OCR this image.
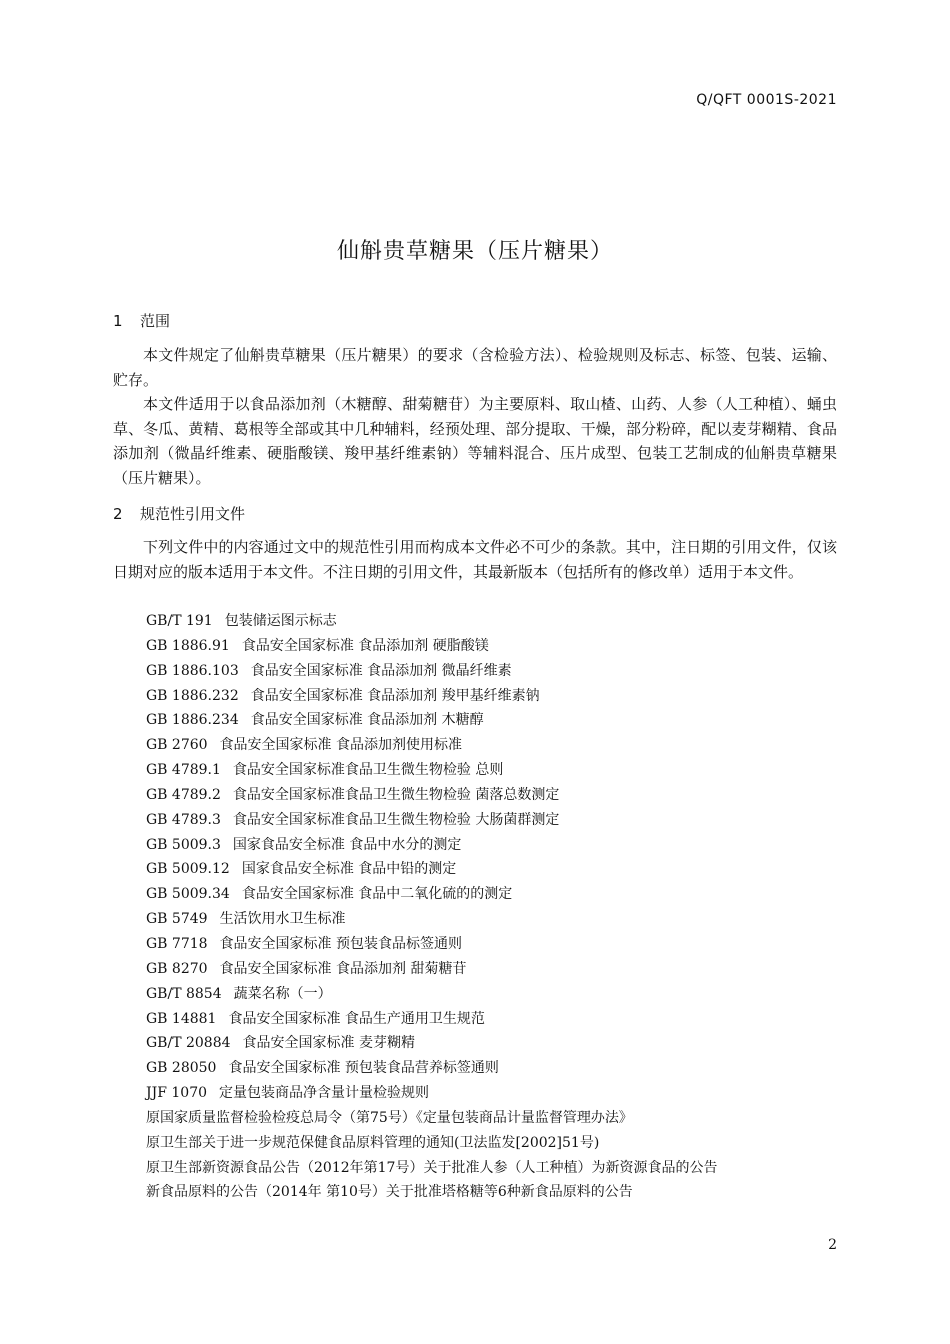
Q/QFT 0001S-2021
仙斛贵草糖果（压片糖果）
1 范围

本文件规定了仙斛贵草糖果（压片糖果）的要求（含检验方法）、检验规则及标志、标签、包装、运输、贮存。

本文件适用于以食品添加剂（木糖醇、甜菊糖苷）为主要原料、取山楂、山药、人参（人工种植）、蛹虫草、冬瓜、黄精、葛根等全部或其中几种辅料，经预处理、部分提取、干燥，部分粉碎，配以麦芽糊精、食品添加剂（微晶纤维素、硬脂酸镁、羧甲基纤维素钠）等辅料混合、压片成型、包装工艺制成的仙斛贵草糖果（压片糖果）。

2 规范性引用文件

下列文件中的内容通过文中的规范性引用而构成本文件必不可少的条款。其中，注日期的引用文件，仅该日期对应的版本适用于本文件。不注日期的引用文件，其最新版本（包括所有的修改单）适用于本文件。

GB/T 191 包装储运图示标志
GB 1886.91 食品安全国家标准 食品添加剂 硬脂酸镁
GB 1886.103 食品安全国家标准 食品添加剂 微晶纤维素
GB 1886.232 食品安全国家标准 食品添加剂 羧甲基纤维素钠
GB 1886.234 食品安全国家标准 食品添加剂 木糖醇
GB 2760 食品安全国家标准 食品添加剂使用标准
GB 4789.1 食品安全国家标准食品卫生微生物检验 总则
GB 4789.2 食品安全国家标准食品卫生微生物检验 菌落总数测定
GB 4789.3 食品安全国家标准食品卫生微生物检验 大肠菌群测定
GB 5009.3 国家食品安全标准 食品中水分的测定
GB 5009.12 国家食品安全标准 食品中铅的测定
GB 5009.34 食品安全国家标准 食品中二氧化硫的的测定
GB 5749 生活饮用水卫生标准
GB 7718 食品安全国家标准 预包装食品标签通则
GB 8270 食品安全国家标准 食品添加剂 甜菊糖苷
GB/T 8854 蔬菜名称（一）
GB 14881 食品安全国家标准 食品生产通用卫生规范
GB/T 20884 食品安全国家标准 麦芽糊精
GB 28050 食品安全国家标准 预包装食品营养标签通则
JJF 1070 定量包装商品净含量计量检验规则
原国家质量监督检验检疫总局令（第75号）《定量包装商品计量监督管理办法》
原卫生部关于进一步规范保健食品原料管理的通知(卫法监发[2002]51号)
原卫生部新资源食品公告（2012年第17号）关于批准人参（人工种植）为新资源食品的公告
新食品原料的公告（2014年 第10号）关于批准塔格糖等6种新食品原料的公告
2
